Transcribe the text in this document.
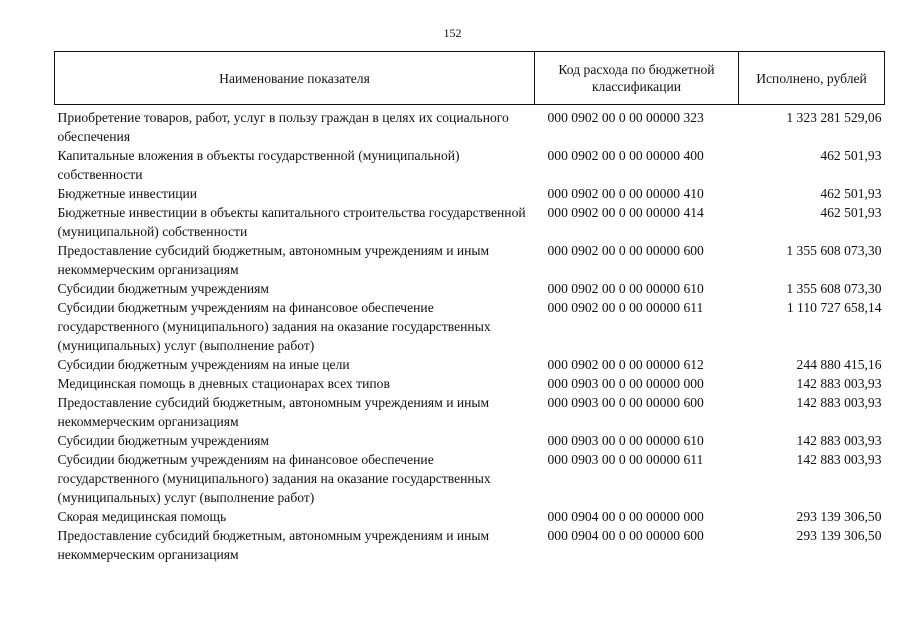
152
Наименование показателя	Код расхода по бюджетной классификации	Исполнено, рублей
Приобретение товаров, работ, услуг в пользу граждан в целях их социального обеспечения	000 0902 00 0 00 00000 323	1 323 281 529,06
Капитальные вложения в объекты государственной (муниципальной) собственности	000 0902 00 0 00 00000 400	462 501,93
Бюджетные инвестиции	000 0902 00 0 00 00000 410	462 501,93
Бюджетные инвестиции в объекты капитального строительства государственной (муниципальной) собственности	000 0902 00 0 00 00000 414	462 501,93
Предоставление субсидий бюджетным, автономным учреждениям и иным некоммерческим организациям	000 0902 00 0 00 00000 600	1 355 608 073,30
Субсидии бюджетным учреждениям	000 0902 00 0 00 00000 610	1 355 608 073,30
Субсидии бюджетным учреждениям на финансовое обеспечение государственного (муниципального) задания на оказание государственных (муниципальных) услуг (выполнение работ)	000 0902 00 0 00 00000 611	1 110 727 658,14
Субсидии бюджетным учреждениям на иные цели	000 0902 00 0 00 00000 612	244 880 415,16
Медицинская помощь в дневных стационарах всех типов	000 0903 00 0 00 00000 000	142 883 003,93
Предоставление субсидий бюджетным, автономным учреждениям и иным некоммерческим организациям	000 0903 00 0 00 00000 600	142 883 003,93
Субсидии бюджетным учреждениям	000 0903 00 0 00 00000 610	142 883 003,93
Субсидии бюджетным учреждениям на финансовое обеспечение государственного (муниципального) задания на оказание государственных (муниципальных) услуг (выполнение работ)	000 0903 00 0 00 00000 611	142 883 003,93
Скорая медицинская помощь	000 0904 00 0 00 00000 000	293 139 306,50
Предоставление субсидий бюджетным, автономным учреждениям и иным некоммерческим организациям	000 0904 00 0 00 00000 600	293 139 306,50
